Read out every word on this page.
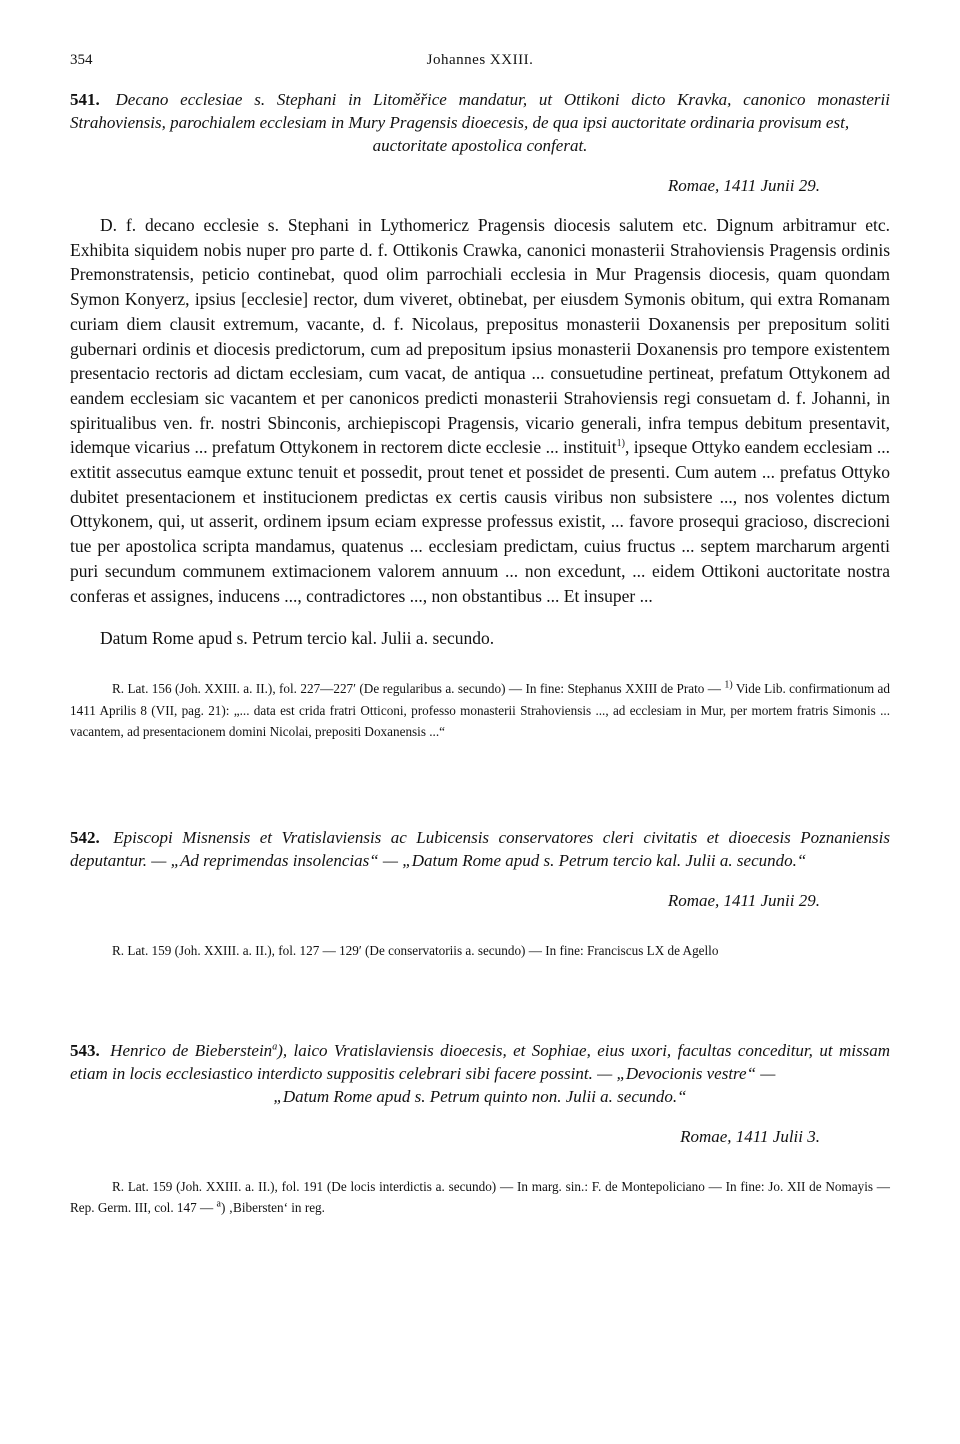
354	Johannes XXIII.

541. Decano ecclesiae s. Stephani in Litoměřice mandatur, ut Ottikoni dicto Kravka, canonico monasterii Strahoviensis, parochialem ecclesiam in Mury Pragensis dioecesis, de qua ipsi auctoritate ordinaria provisum est,
auctoritate apostolica conferat.

Romae, 1411 Junii 29.

D. f. decano ecclesie s. Stephani in Lythomericz Pragensis diocesis salutem etc. Dignum arbitramur etc. Exhibita siquidem nobis nuper pro parte d. f. Ottikonis Crawka, canonici monasterii Strahoviensis Pragensis ordinis Premonstratensis, peticio continebat, quod olim parrochiali ecclesia in Mur Pragensis diocesis, quam quondam Symon Konyerz, ipsius [ecclesie] rector, dum viveret, obtinebat, per eiusdem Symonis obitum, qui extra Romanam curiam diem clausit extremum, vacante, d. f. Nicolaus, prepositus monasterii Doxanensis per prepositum soliti gubernari ordinis et diocesis predictorum, cum ad prepositum ipsius monasterii Doxanensis pro tempore existentem presentacio rectoris ad dictam ecclesiam, cum vacat, de antiqua ... consuetudine pertineat, prefatum Ottykonem ad eandem ecclesiam sic vacantem et per canonicos predicti monasterii Strahoviensis regi consuetam d. f. Johanni, in spiritualibus ven. fr. nostri Sbinconis, archiepiscopi Pragensis, vicario generali, infra tempus debitum presentavit, idemque vicarius ... prefatum Ottykonem in rectorem dicte ecclesie ... instituit$^{1)}$, ipseque Ottyko eandem ecclesiam ... extitit assecutus eamque extunc tenuit et possedit, prout tenet et possidet de presenti. Cum autem ... prefatus Ottyko dubitet presentacionem et institucionem predictas ex certis causis viribus non subsistere ..., nos volentes dictum Ottykonem, qui, ut asserit, ordinem ipsum eciam expresse professus existit, ... favore prosequi gracioso, discrecioni tue per apostolica scripta mandamus, quatenus ... ecclesiam predictam, cuius fructus ... septem marcharum argenti puri secundum communem extimacionem valorem annuum ... non excedunt, ... eidem Ottikoni auctoritate nostra conferas et assignes, inducens ..., contradictores ..., non obstantibus ... Et insuper ...

Datum Rome apud s. Petrum tercio kal. Julii a. secundo.

R. Lat. 156 (Joh. XXIII. a. II.), fol. 227—227′ (De regularibus a. secundo) — In fine: Stephanus XXIII de Prato — $^{1)}$ Vide Lib. confirmationum ad 1411 Aprilis 8 (VII, pag. 21): „... data est crida fratri Otticoni, professo monasterii Strahoviensis ..., ad ecclesiam in Mur, per mortem fratris Simonis ... vacantem, ad presentacionem domini Nicolai, prepositi Doxanensis ...“

542. Episcopi Misnensis et Vratislaviensis ac Lubicensis conservatores cleri civitatis et dioecesis Poznaniensis deputantur. — „Ad reprimendas insolencias“ — „Datum Rome apud s. Petrum tercio kal. Julii a. secundo.“

Romae, 1411 Junii 29.

R. Lat. 159 (Joh. XXIII. a. II.), fol. 127 — 129′ (De conservatoriis a. secundo) — In fine: Franciscus LX de Agello

543. Henrico de Bieberstein$^a$), laico Vratislaviensis dioecesis, et Sophiae, eius uxori, facultas conceditur, ut missam etiam in locis ecclesiastico interdicto suppositis celebrari sibi facere possint. — „Devocionis vestre“ —
„Datum Rome apud s. Petrum quinto non. Julii a. secundo.“

Romae, 1411 Julii 3.

R. Lat. 159 (Joh. XXIII. a. II.), fol. 191 (De locis interdictis a. secundo) — In marg. sin.: F. de Montepoliciano — In fine: Jo. XII de Nomayis — Rep. Germ. III, col. 147 — $^a$) ‚Bibersten‘ in reg.
